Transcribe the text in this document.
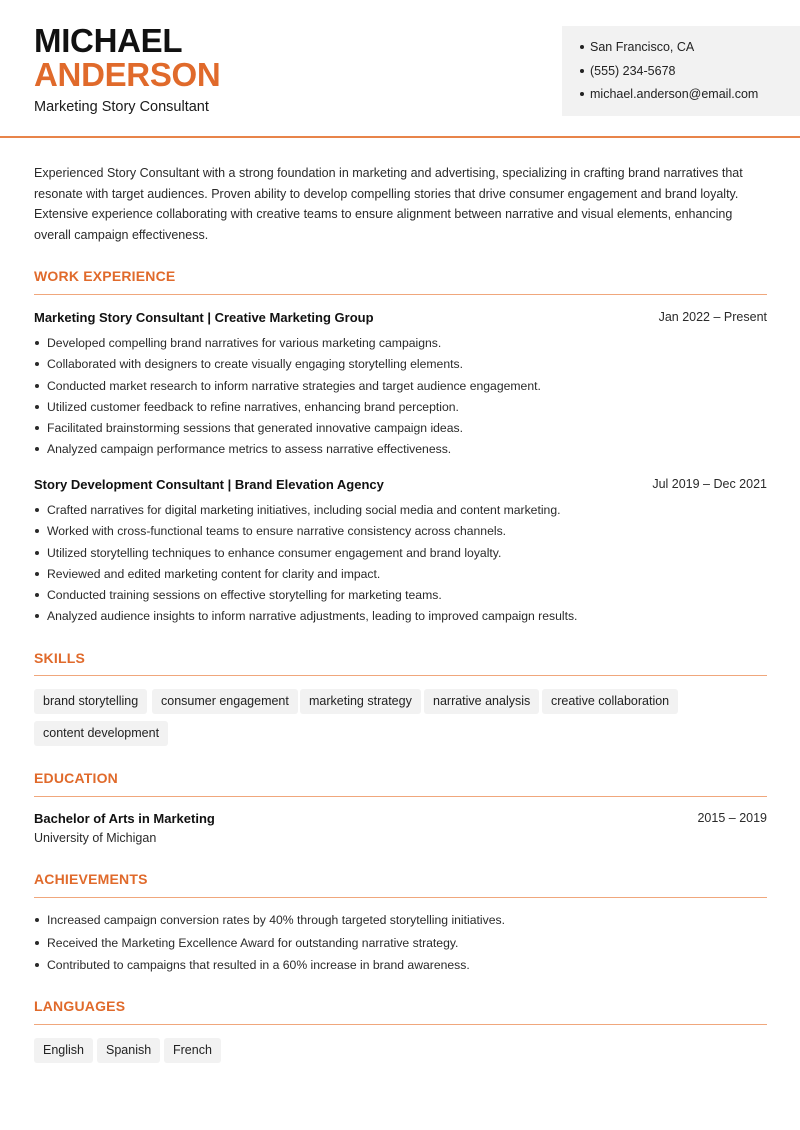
MICHAEL
ANDERSON
Marketing Story Consultant
San Francisco, CA
(555) 234-5678
michael.anderson@email.com
Experienced Story Consultant with a strong foundation in marketing and advertising, specializing in crafting brand narratives that resonate with target audiences. Proven ability to develop compelling stories that drive consumer engagement and brand loyalty. Extensive experience collaborating with creative teams to ensure alignment between narrative and visual elements, enhancing overall campaign effectiveness.
WORK EXPERIENCE
Marketing Story Consultant | Creative Marketing Group	Jan 2022 – Present
Developed compelling brand narratives for various marketing campaigns.
Collaborated with designers to create visually engaging storytelling elements.
Conducted market research to inform narrative strategies and target audience engagement.
Utilized customer feedback to refine narratives, enhancing brand perception.
Facilitated brainstorming sessions that generated innovative campaign ideas.
Analyzed campaign performance metrics to assess narrative effectiveness.
Story Development Consultant | Brand Elevation Agency	Jul 2019 – Dec 2021
Crafted narratives for digital marketing initiatives, including social media and content marketing.
Worked with cross-functional teams to ensure narrative consistency across channels.
Utilized storytelling techniques to enhance consumer engagement and brand loyalty.
Reviewed and edited marketing content for clarity and impact.
Conducted training sessions on effective storytelling for marketing teams.
Analyzed audience insights to inform narrative adjustments, leading to improved campaign results.
SKILLS
brand storytelling	consumer engagement	marketing strategy	narrative analysis	creative collaboration
content development
EDUCATION
Bachelor of Arts in Marketing	2015 – 2019
University of Michigan
ACHIEVEMENTS
Increased campaign conversion rates by 40% through targeted storytelling initiatives.
Received the Marketing Excellence Award for outstanding narrative strategy.
Contributed to campaigns that resulted in a 60% increase in brand awareness.
LANGUAGES
English	Spanish	French
